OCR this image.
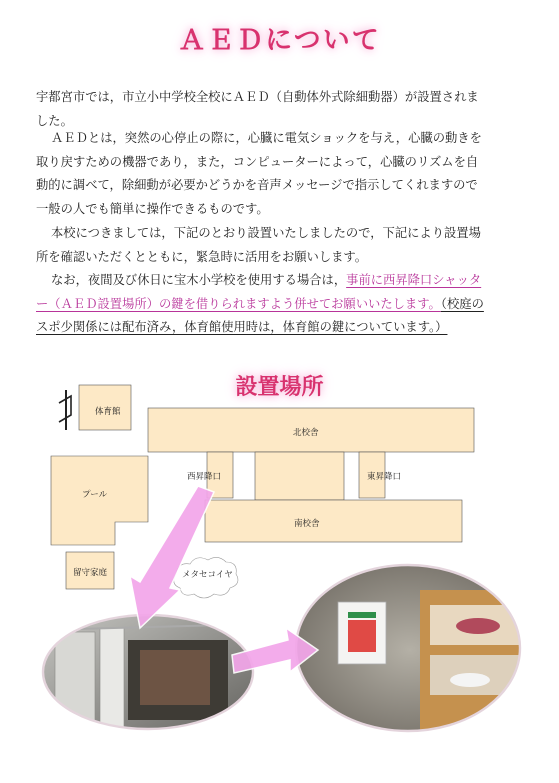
ＡＥＤについて
宇都宮市では，市立小中学校全校にＡＥＤ（自動体外式除細動器）が設置されました。
ＡＥＤとは，突然の心停止の際に，心臓に電気ショックを与え，心臓の動きを取り戻すための機器であり，また，コンピューターによって，心臓のリズムを自動的に調べて，除細動が必要かどうかを音声メッセージで指示してくれますので一般の人でも簡単に操作できるものです。
本校につきましては，下記のとおり設置いたしましたので，下記により設置場所を確認いただくとともに，緊急時に活用をお願いします。
なお，夜間及び休日に宝木小学校を使用する場合は，事前に西昇降口シャッター（ＡＥＤ設置場所）の鍵を借りられますよう併せてお願いいたします。（校庭のスポ少関係には配布済み，体育館使用時は，体育館の鍵についています。）
設置場所
体育館
北校舎
西昇降口	東昇降口
プール
南校舎
留守家庭	メタセコイヤ
